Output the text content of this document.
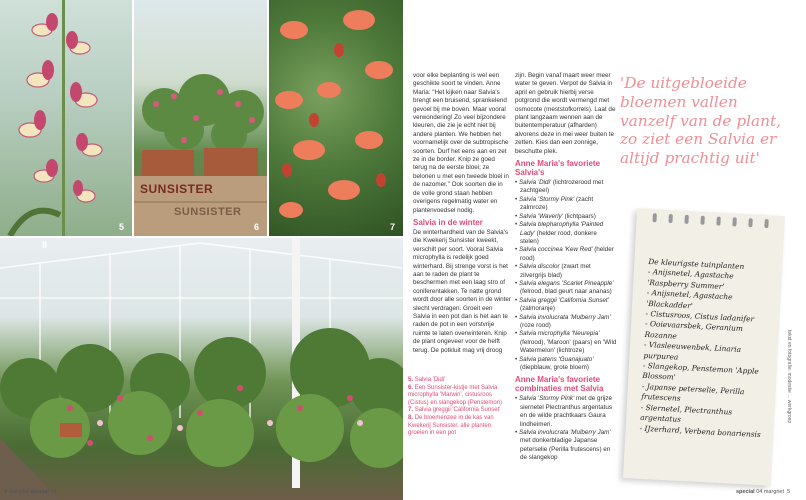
5
SUNSISTER
SUNSISTER
6	7
8

5. Salvia 'Didi'

6. Een Sunsister-kistje met Salvia microphylla 'Marwin', cistusroos (Cistus) en slangekop (Penstemon)

7. Salvia greggii 'California Sunset'

8. De bloemenzee in de kas van Kwekerij Sunsister, alle planten groeien in een pot

voor elke beplanting is wel een geschikte soort te vinden. Anne Maria: "Het kijken naar Salvia's brengt een bruisend, sprankelend gevoel bij me boven. Maar vooral verwondering! Zo veel bijzondere kleuren, die zie je echt niet bij andere planten. We hebben het voornamelijk over de subtropische soorten. Durf het eens aan en zet ze in de border. Knip ze goed terug na de eerste bloei; ze belonen u met een tweede bloei in de nazomer." Ook soorten die in de volle grond staan hebben overigens regelmatig water en plantenvoedsel nodig.

Salvia in de winter

De winterhardheid van de Salvia's die Kwekerij Sunsister kweekt, verschilt per soort. Vooral Salvia microphylla is redelijk goed winterhard. Bij strenge vorst is het aan te raden de plant te beschermen met een laag stro of coniferentakken. Te natte grond wordt door alle soorten in de winter slecht verdragen. Groeit een Salvia in een pot dan is het aan te raden de pot in een vorstvrije ruimte te laten overwinteren. Knip de plant ongeveer voor de helft terug. De potkluit mag vrij droog

zijn. Begin vanaf maart weer meer water te geven. Verpot de Salvia in april en gebruik hierbij verse potgrond die wordt vermengd met osmocote (meststofkorrels). Laat de plant langzaam wennen aan de buitentemperatuur (afharden) alvorens deze in mei weer buiten te zetten. Kies dan een zonnige, beschutte plek.

Anne Maria's favoriete Salvia's
• Salvia 'Didi' (lichtrozerood met zachtgeel)
• Salvia 'Stormy Pink' (zacht zalmroze)
• Salvia 'Waverly' (lichtpaars)
• Salvia blepharophylla 'Painted Lady' (helder rood, donkere stelen)
• Salvia coccinea 'Kew Red' (helder rood)
• Salvia discolor (zwart met zilvergrijs blad)
• Salvia elegans 'Scarlet Pineapple' (felrood, blad geurt naar ananas)
• Salvia greggii 'California Sunset' (zalmoranje)
• Salvia involucrata 'Mulberry Jam' (roze rood)
• Salvia microphylla 'Neurepia' (felrood), 'Maroon' (paars) en 'Wild Watermelon' (lichtroze)
• Salvia patens 'Guanajuato' (diepblauw, grote bloem)
Anne Maria's favoriete combinaties met Salvia
• Salvia 'Stormy Pink' met de grijze siernetel Plectranthus argentatus en de wilde prachtkaars Gaura lindheimeri.
• Salvia involucrata 'Mulberry Jam' met donkerbladige Japanse peterselie (Perilla frutescens) en de slangekop
'De uitgebloeide bloemen vallen vanzelf van de plant, zo ziet een Salvia er altijd prachtig uit'
De kleurigste tuinplanten
- Anijsnetel, Agastache 'Raspberry Summer'
- Anijsnetel, Agastache 'Blackadder'
- Cistusroos, Cistus ladanifer
- Ooievaarsbek, Geranium Rozanne
- Vlasleeuwenbek, Linaria purpurea
- Slangekop, Penstemon 'Apple Blossom'
- Japanse peterselie, Perilla frutescens
- Siernetel, Plectranthus argentatus
- IJzerhard, Verbena bonariensis
4 margriet special 04	special 04 margriet 5
tekst en fotografie: modestie ... werkgroep
